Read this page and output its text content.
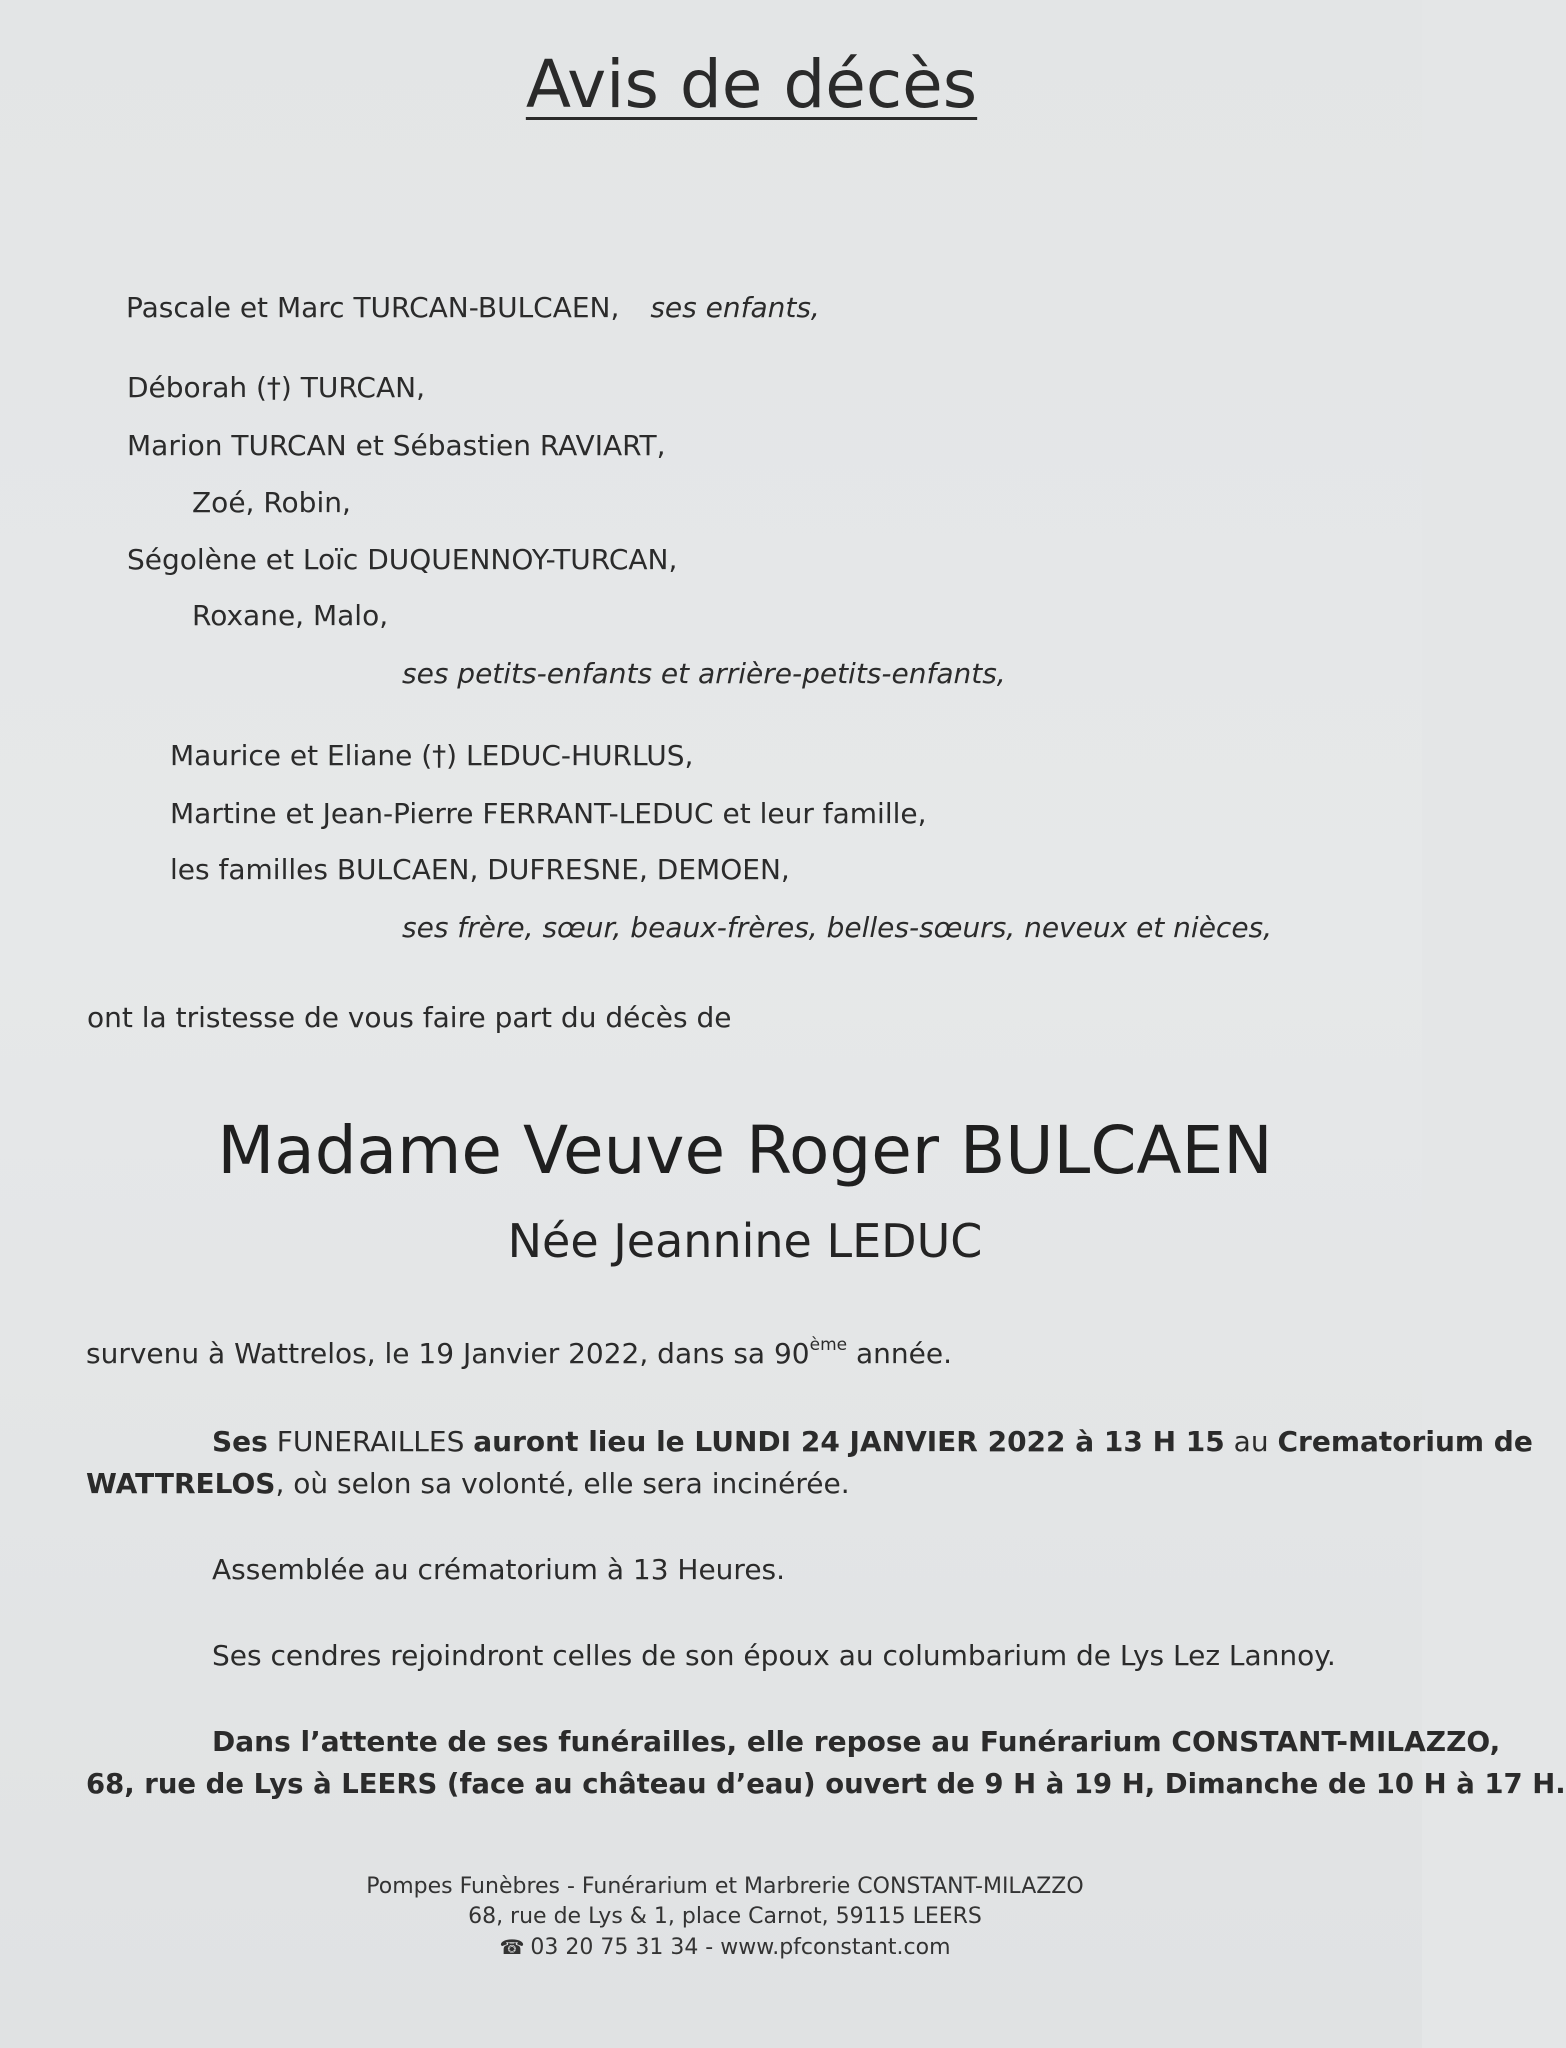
Avis de décès
Pascale et Marc TURCAN-BULCAEN, ses enfants,
Déborah (†) TURCAN,
Marion TURCAN et Sébastien RAVIART,
Zoé, Robin,
Ségolène et Loïc DUQUENNOY-TURCAN,
Roxane, Malo,
ses petits-enfants et arrière-petits-enfants,
Maurice et Eliane (†) LEDUC-HURLUS,
Martine et Jean-Pierre FERRANT-LEDUC et leur famille,
les familles BULCAEN, DUFRESNE, DEMOEN,
ses frère, sœur, beaux-frères, belles-sœurs, neveux et nièces,
ont la tristesse de vous faire part du décès de
Madame Veuve Roger BULCAEN
Née Jeannine LEDUC
survenu à Wattrelos, le 19 Janvier 2022, dans sa 90ème année.
Ses FUNERAILLES auront lieu le LUNDI 24 JANVIER 2022 à 13 H 15 au Crematorium de
WATTRELOS, où selon sa volonté, elle sera incinérée.
Assemblée au crématorium à 13 Heures.
Ses cendres rejoindront celles de son époux au columbarium de Lys Lez Lannoy.
Dans l’attente de ses funérailles, elle repose au Funérarium CONSTANT-MILAZZO,
68, rue de Lys à LEERS (face au château d’eau) ouvert de 9 H à 19 H, Dimanche de 10 H à 17 H.
Pompes Funèbres - Funérarium et Marbrerie CONSTANT-MILAZZO
68, rue de Lys & 1, place Carnot, 59115 LEERS
☎ 03 20 75 31 34 - www.pfconstant.com
